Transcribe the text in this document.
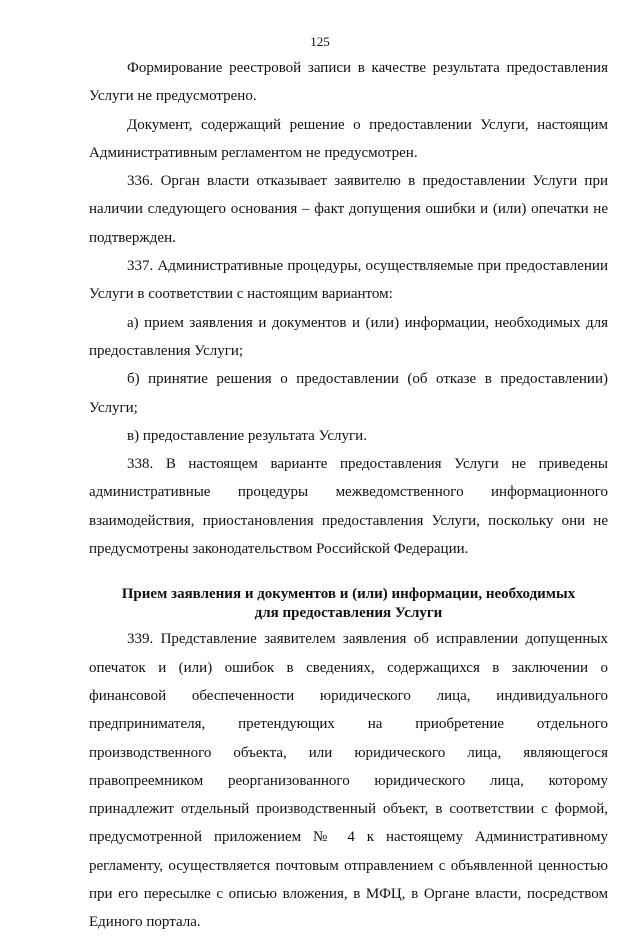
125

Формирование реестровой записи в качестве результата предоставления Услуги не предусмотрено.

Документ, содержащий решение о предоставлении Услуги, настоящим Административным регламентом не предусмотрен.

336. Орган власти отказывает заявителю в предоставлении Услуги при наличии следующего основания – факт допущения ошибки и (или) опечатки не подтвержден.

337. Административные процедуры, осуществляемые при предоставлении Услуги в соответствии с настоящим вариантом:

а) прием заявления и документов и (или) информации, необходимых для предоставления Услуги;

б) принятие решения о предоставлении (об отказе в предоставлении) Услуги;

в) предоставление результата Услуги.

338. В настоящем варианте предоставления Услуги не приведены административные процедуры межведомственного информационного взаимодействия, приостановления предоставления Услуги, поскольку они не предусмотрены законодательством Российской Федерации.

Прием заявления и документов и (или) информации, необходимых для предоставления Услуги

339. Представление заявителем заявления об исправлении допущенных опечаток и (или) ошибок в сведениях, содержащихся в заключении о финансовой обеспеченности юридического лица, индивидуального предпринимателя, претендующих на приобретение отдельного производственного объекта, или юридического лица, являющегося правопреемником реорганизованного юридического лица, которому принадлежит отдельный производственный объект, в соответствии с формой, предусмотренной приложением № 4 к настоящему Административному регламенту, осуществляется почтовым отправлением с объявленной ценностью при его пересылке с описью вложения, в МФЦ, в Органе власти, посредством Единого портала.
